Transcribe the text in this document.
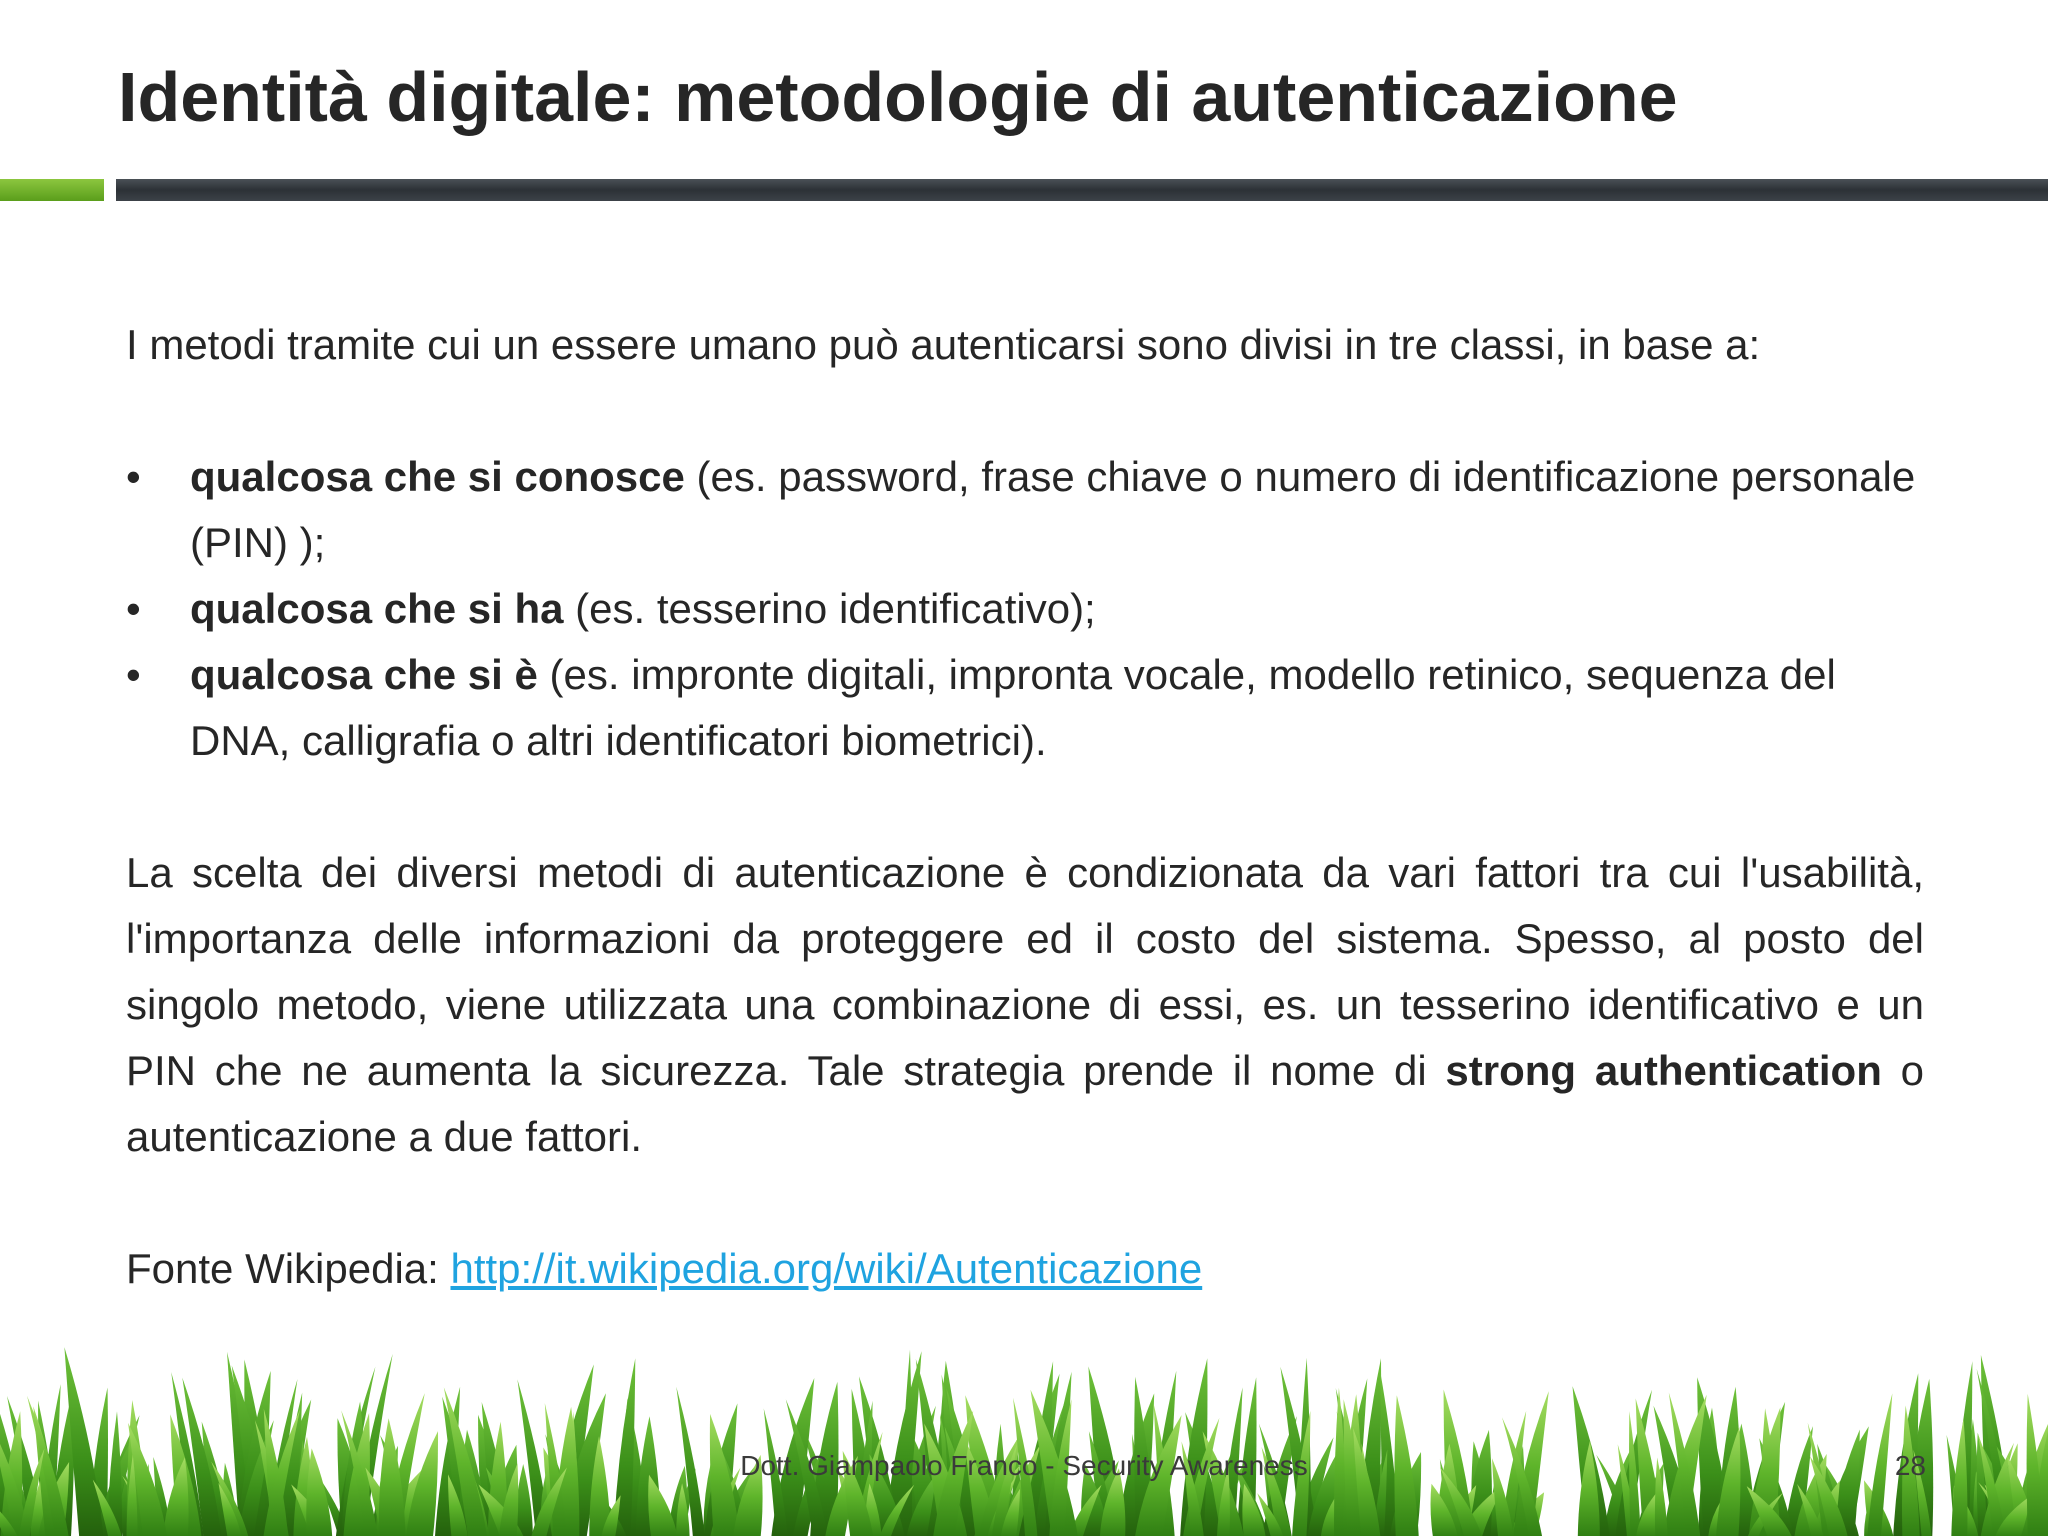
Identità digitale: metodologie di autenticazione

I metodi tramite cui un essere umano può autenticarsi sono divisi in tre classi, in base a:

•	qualcosa che si conosce (es. password, frase chiave o numero di identificazione personale (PIN) );
•	qualcosa che si ha (es. tesserino identificativo);
•	qualcosa che si è (es. impronte digitali, impronta vocale, modello retinico, sequenza del DNA, calligrafia o altri identificatori biometrici).

La scelta dei diversi metodi di autenticazione è condizionata da vari fattori tra cui l'usabilità, l'importanza delle informazioni da proteggere ed il costo del sistema. Spesso, al posto del singolo metodo, viene utilizzata una combinazione di essi, es. un tesserino identificativo e un PIN che ne aumenta la sicurezza. Tale strategia prende il nome di strong authentication o autenticazione a due fattori.

Fonte Wikipedia: http://it.wikipedia.org/wiki/Autenticazione

Dott. Giampaolo Franco - Security Awareness	28
